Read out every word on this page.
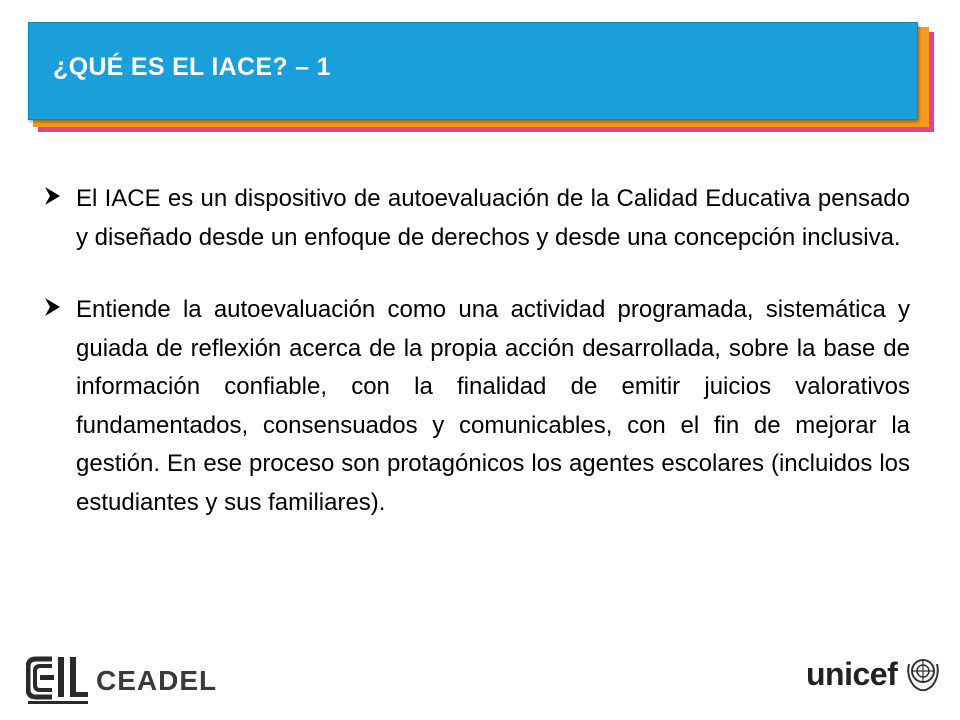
¿QUÉ ES EL IACE? – 1
El IACE es un dispositivo de autoevaluación de la Calidad Educativa pensado y diseñado desde un enfoque de derechos y desde una concepción inclusiva.
Entiende la autoevaluación como una actividad programada, sistemática y guiada de reflexión acerca de la propia acción desarrollada, sobre la base de información confiable, con la finalidad de emitir juicios valorativos fundamentados, consensuados y comunicables, con el fin de mejorar la gestión. En ese proceso son protagónicos los agentes escolares (incluidos los estudiantes y sus familiares).
CEADEL	unicef
